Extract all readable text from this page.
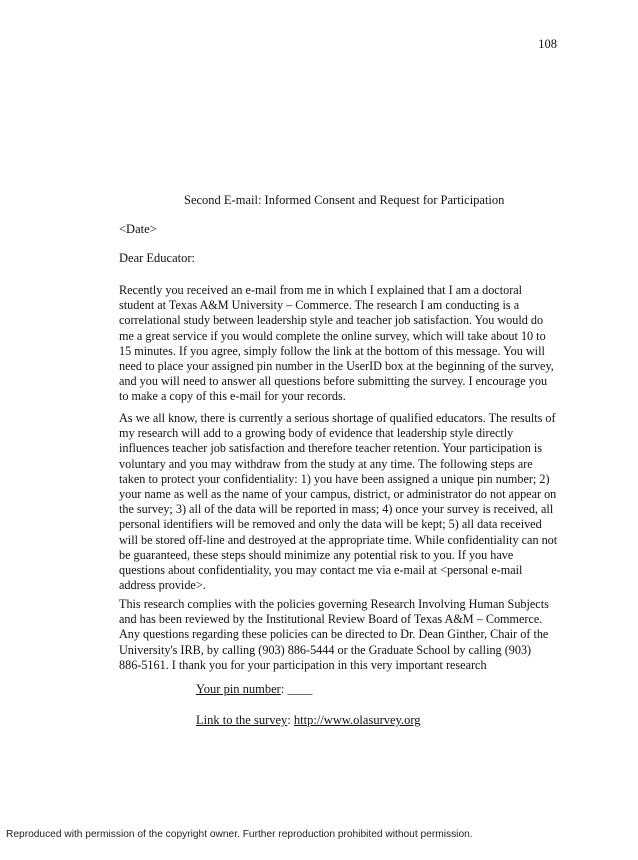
108
Second E-mail: Informed Consent and Request for Participation
<Date>
Dear Educator:

Recently you received an e-mail from me in which I explained that I am a doctoral
student at Texas A&M University – Commerce. The research I am conducting is a
correlational study between leadership style and teacher job satisfaction. You would do
me a great service if you would complete the online survey, which will take about 10 to
15 minutes. If you agree, simply follow the link at the bottom of this message. You will
need to place your assigned pin number in the UserID box at the beginning of the survey,
and you will need to answer all questions before submitting the survey. I encourage you
to make a copy of this e-mail for your records.

As we all know, there is currently a serious shortage of qualified educators. The results of
my research will add to a growing body of evidence that leadership style directly
influences teacher job satisfaction and therefore teacher retention. Your participation is
voluntary and you may withdraw from the study at any time. The following steps are
taken to protect your confidentiality: 1) you have been assigned a unique pin number; 2)
your name as well as the name of your campus, district, or administrator do not appear on
the survey; 3) all of the data will be reported in mass; 4) once your survey is received, all
personal identifiers will be removed and only the data will be kept; 5) all data received
will be stored off-line and destroyed at the appropriate time. While confidentiality can not
be guaranteed, these steps should minimize any potential risk to you. If you have
questions about confidentiality, you may contact me via e-mail at <personal e-mail
address provide>.

This research complies with the policies governing Research Involving Human Subjects
and has been reviewed by the Institutional Review Board of Texas A&M – Commerce.
Any questions regarding these policies can be directed to Dr. Dean Ginther, Chair of the
University's IRB, by calling (903) 886-5444 or the Graduate School by calling (903)
886-5161. I thank you for your participation in this very important research

Your pin number: ____
Link to the survey: http://www.olasurvey.org
Reproduced with permission of the copyright owner. Further reproduction prohibited without permission.
